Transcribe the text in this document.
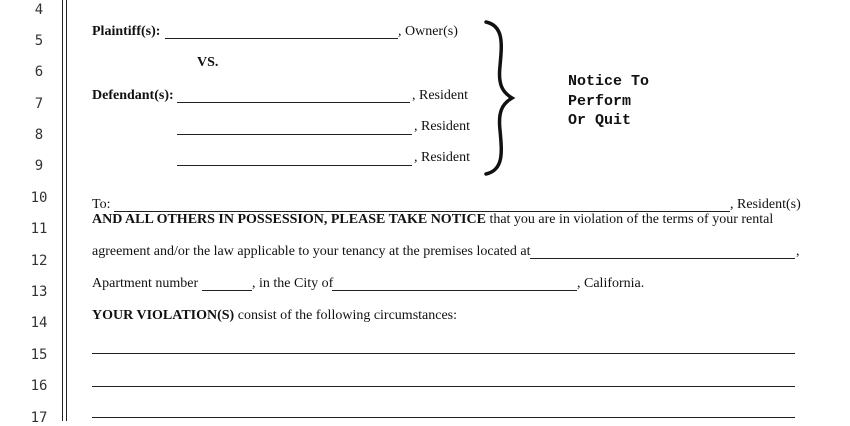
4
5
6
7
8
9
10
11
12
13
14
15
16
17
Plaintiff(s):	, Owner(s)
VS.
Defendant(s):	, Resident
, Resident
, Resident
Notice To
Perform
Or Quit
To:	, Resident(s)
AND ALL OTHERS IN POSSESSION, PLEASE TAKE NOTICE that you are in violation of the terms of your rental
agreement and/or the law applicable to your tenancy at the premises located at	,
Apartment number	, in the City of	, California.
YOUR VIOLATION(S) consist of the following circumstances:
